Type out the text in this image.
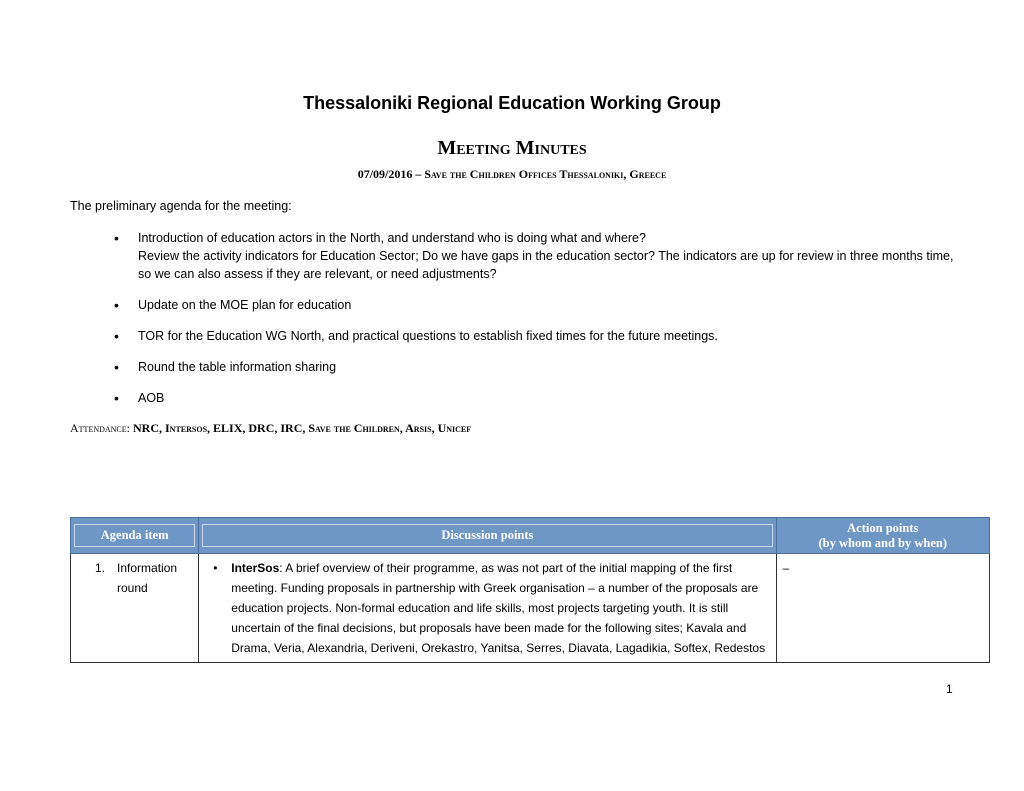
Thessaloniki Regional Education Working Group
Meeting Minutes
07/09/2016 – Save the Children Offices Thessaloniki, Greece
The preliminary agenda for the meeting:
• Introduction of education actors in the North, and understand who is doing what and where?
Review the activity indicators for Education Sector; Do we have gaps in the education sector? The indicators are up for review in three months time, so we can also assess if they are relevant, or need adjustments?
• Update on the MOE plan for education
• TOR for the Education WG North, and practical questions to establish fixed times for the future meetings.
• Round the table information sharing
• AOB
Attendance: NRC, Intersos, ELIX, DRC, IRC, Save the Children, Arsis, Unicef
Agenda item	Discussion points	Action points
(by whom and by when)

1. Information round	• InterSos: A brief overview of their programme, as was not part of the initial mapping of the first meeting. Funding proposals in partnership with Greek organisation – a number of the proposals are education projects. Non-formal education and life skills, most projects targeting youth. It is still uncertain of the final decisions, but proposals have been made for the following sites; Kavala and Drama, Veria, Alexandria, Deriveni, Orekastro, Yanitsa, Serres, Diavata, Lagadikia, Softex, Redestos	–
1
